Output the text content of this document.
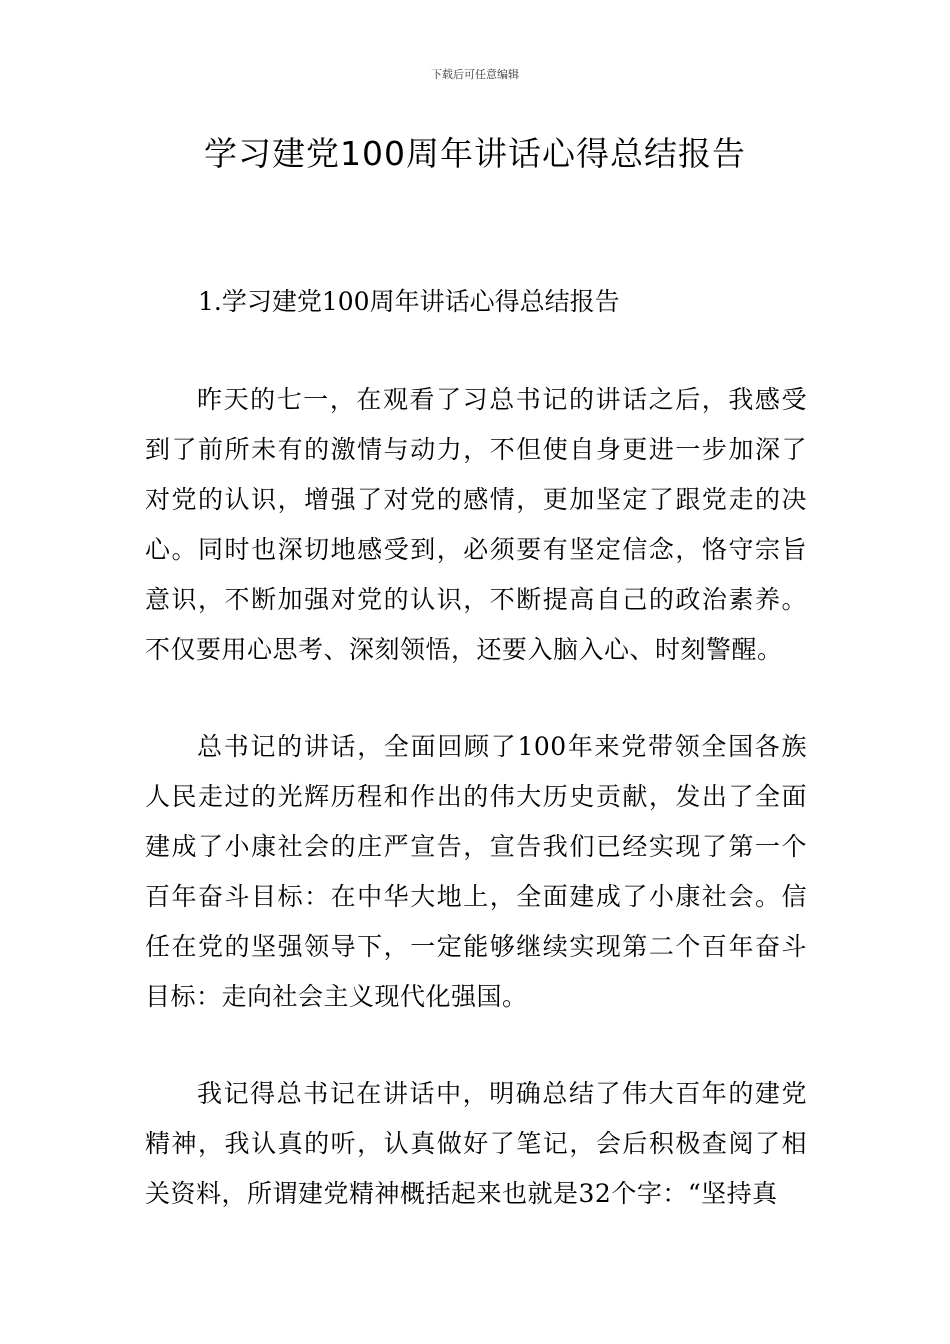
下载后可任意编辑
学习建党100周年讲话心得总结报告
1.学习建党100周年讲话心得总结报告

昨天的七一，在观看了习总书记的讲话之后，我感受到了前所未有的激情与动力，不但使自身更进一步加深了对党的认识，增强了对党的感情，更加坚定了跟党走的决心。同时也深切地感受到，必须要有坚定信念，恪守宗旨意识，不断加强对党的认识，不断提高自己的政治素养。不仅要用心思考、深刻领悟，还要入脑入心、时刻警醒。

总书记的讲话，全面回顾了100年来党带领全国各族人民走过的光辉历程和作出的伟大历史贡献，发出了全面建成了小康社会的庄严宣告，宣告我们已经实现了第一个百年奋斗目标：在中华大地上，全面建成了小康社会。信任在党的坚强领导下，一定能够继续实现第二个百年奋斗目标：走向社会主义现代化强国。

我记得总书记在讲话中，明确总结了伟大百年的建党精神，我认真的听，认真做好了笔记，会后积极查阅了相关资料，所谓建党精神概括起来也就是32个字：“坚持真
